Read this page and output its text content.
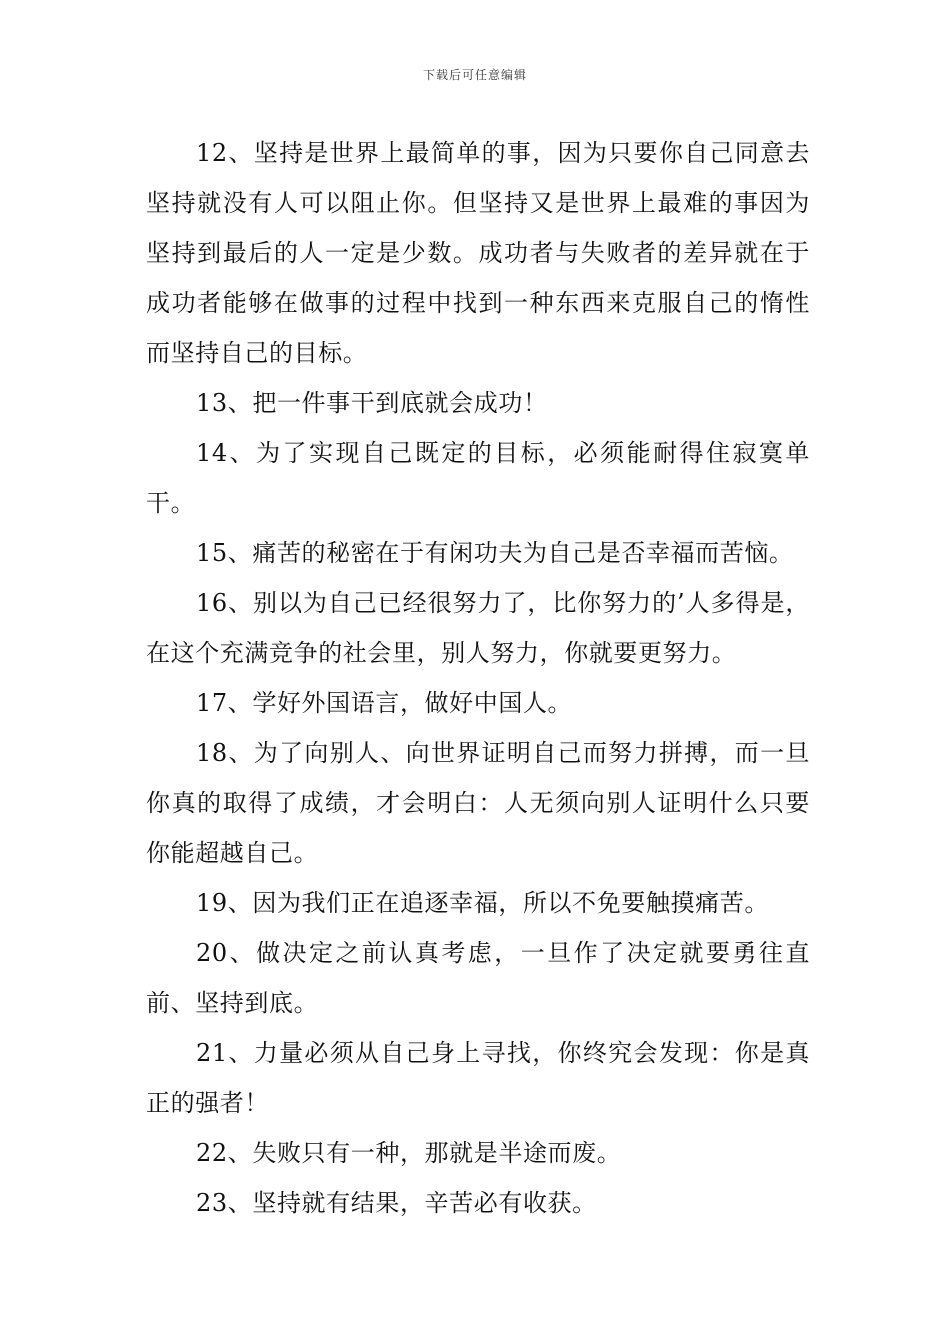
下载后可任意编辑

12、坚持是世界上最简单的事，因为只要你自己同意去坚持就没有人可以阻止你。但坚持又是世界上最难的事因为坚持到最后的人一定是少数。成功者与失败者的差异就在于成功者能够在做事的过程中找到一种东西来克服自己的惰性而坚持自己的目标。

13、把一件事干到底就会成功！

14、为了实现自己既定的目标，必须能耐得住寂寞单干。

15、痛苦的秘密在于有闲功夫为自己是否幸福而苦恼。

16、别以为自己已经很努力了，比你努力的’人多得是，在这个充满竞争的社会里，别人努力，你就要更努力。

17、学好外国语言，做好中国人。

18、为了向别人、向世界证明自己而努力拼搏，而一旦你真的取得了成绩，才会明白：人无须向别人证明什么只要你能超越自己。

19、因为我们正在追逐幸福，所以不免要触摸痛苦。

20、做决定之前认真考虑，一旦作了决定就要勇往直前、坚持到底。

21、力量必须从自己身上寻找，你终究会发现：你是真正的强者！

22、失败只有一种，那就是半途而废。

23、坚持就有结果，辛苦必有收获。
